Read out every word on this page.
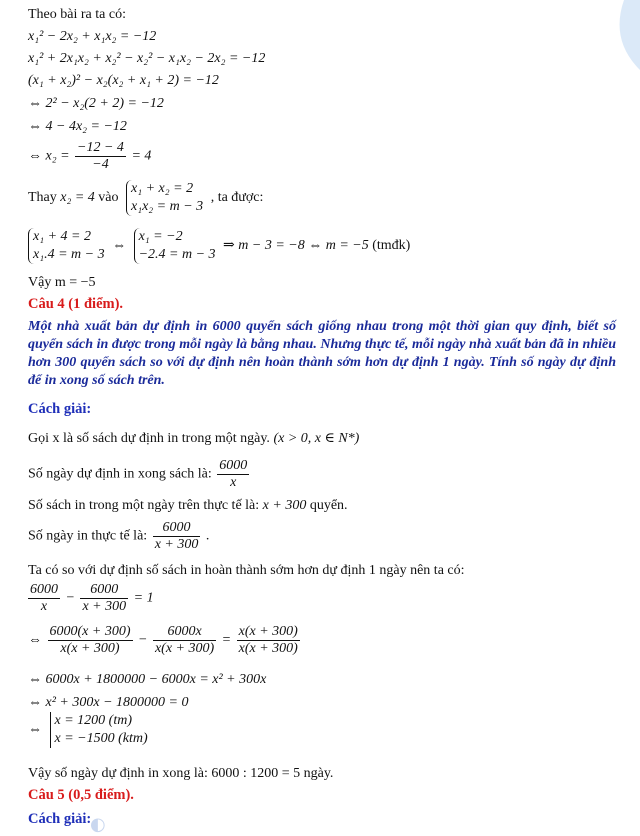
Theo bài ra ta có:
x₁² − 2x₂ + x₁x₂ = −12
x₁² + 2x₁x₂ + x₂² − x₂² − x₁x₂ − 2x₂ = −12
(x₁ + x₂)² − x₂(x₂ + x₁ + 2) = −12
⇔ 2² − x₂(2 + 2) = −12
⇔ 4 − 4x₂ = −12
⇔ $x_2 = \frac{-12 - 4}{-4} = 4$
Thay x₂ = 4 vào
x₁ + x₂ = 2
x₁x₂ = m − 3
, ta được:
x₁ + 4 = 2
x₁.4 = m − 3
⇔
x₁ = −2
−2.4 = m − 3
⇒ m − 3 = −8 ⇔ m = −5 (tmđk)
Vậy m = −5
Câu 4 (1 điểm).
Một nhà xuất bản dự định in 6000 quyển sách giống nhau trong một thời gian quy định, biết số quyển sách in được trong mỗi ngày là bằng nhau. Nhưng thực tế, mỗi ngày nhà xuất bản đã in nhiều hơn 300 quyển sách so với dự định nên hoàn thành sớm hơn dự định 1 ngày. Tính số ngày dự định để in xong số sách trên.
Cách giải:
Gọi x là số sách dự định in trong một ngày. (x > 0, x ∈ N*)
Số ngày dự định in xong sách là: $\frac{6000}{x}$
Số sách in trong một ngày trên thực tế là: x + 300 quyển.
Số ngày in thực tế là: $\frac{6000}{x + 300}$ .
Ta có so với dự định số sách in hoàn thành sớm hơn dự định 1 ngày nên ta có:
$\frac{6000}{x} - \frac{6000}{x + 300} = 1$
⇔ $\frac{6000(x + 300)}{x(x + 300)} - \frac{6000x}{x(x + 300)} = \frac{x(x + 300)}{x(x + 300)}$
⇔ 6000x + 1800000 − 6000x = x² + 300x
⇔ x² + 300x − 1800000 = 0
⇔
x = 1200 (tm)
x = −1500 (ktm)
Vậy số ngày dự định in xong là: 6000 : 1200 = 5 ngày.
Câu 5 (0,5 điểm).
Cách giải:
◐
